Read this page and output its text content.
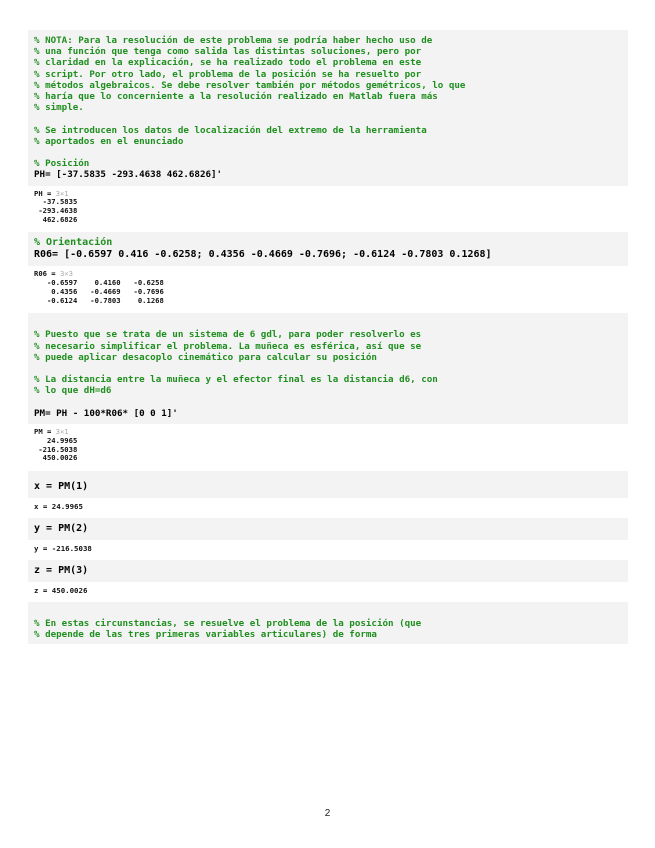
% NOTA: Para la resolución de este problema se podría haber hecho uso de
% una función que tenga como salida las distintas soluciones, pero por
% claridad en la explicación, se ha realizado todo el problema en este
% script. Por otro lado, el problema de la posición se ha resuelto por
% métodos algebraicos. Se debe resolver también por métodos gemétricos, lo que
% haría que lo concerniente a la resolución realizado en Matlab fuera más
% simple.

% Se introducen los datos de localización del extremo de la herramienta
% aportados en el enunciado

% Posición
PH= [-37.5835 -293.4638 462.6826]'
PH = 3×1
-37.5835
-293.4638
462.6826
% Orientación
R06= [-0.6597 0.416 -0.6258; 0.4356 -0.4669 -0.7696; -0.6124 -0.7803 0.1268]
R06 = 3×3
-0.6597    0.4160   -0.6258
0.4356   -0.4669   -0.7696
-0.6124   -0.7803    0.1268

% Puesto que se trata de un sistema de 6 gdl, para poder resolverlo es
% necesario simplificar el problema. La muñeca es esférica, así que se
% puede aplicar desacoplo cinemático para calcular su posición

% La distancia entre la muñeca y el efector final es la distancia d6, con
% lo que dH=d6

PM= PH - 100*R06* [0 0 1]'
PM = 3×1
24.9965
-216.5038
450.0026
x = PM(1)
x = 24.9965
y = PM(2)
y = -216.5038
z = PM(3)
z = 450.0026

% En estas circunstancias, se resuelve el problema de la posición (que
% depende de las tres primeras variables articulares) de forma
2
